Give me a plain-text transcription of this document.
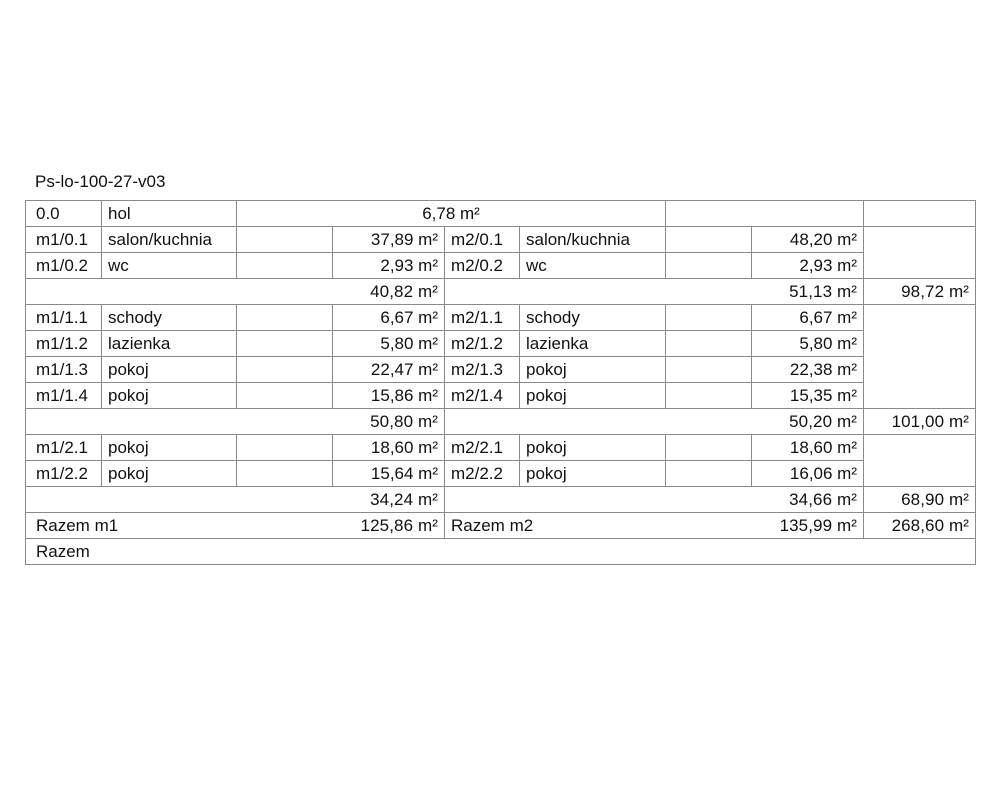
Ps-lo-100-27-v03
0.0	hol	6,78 m²						
m1/0.1	salon/kuchnia		37,89 m²	m2/0.1	salon/kuchnia		48,20 m²	
m1/0.2	wc		2,93 m²	m2/0.2	wc		2,93 m²	
40,82 m²				51,13 m²				98,72 m²
m1/1.1	schody		6,67 m²	m2/1.1	schody		6,67 m²	
m1/1.2	lazienka		5,80 m²	m2/1.2	lazienka		5,80 m²	
m1/1.3	pokoj		22,47 m²	m2/1.3	pokoj		22,38 m²	
m1/1.4	pokoj		15,86 m²	m2/1.4	pokoj		15,35 m²	
50,80 m²				50,20 m²				101,00 m²
m1/2.1	pokoj		18,60 m²	m2/2.1	pokoj		18,60 m²	
m1/2.2	pokoj		15,64 m²	m2/2.2	pokoj		16,06 m²	
34,24 m²				34,66 m²				68,90 m²
Razem m1		125,86 m²		Razem m2		135,99 m²		268,60 m²
Razem								
